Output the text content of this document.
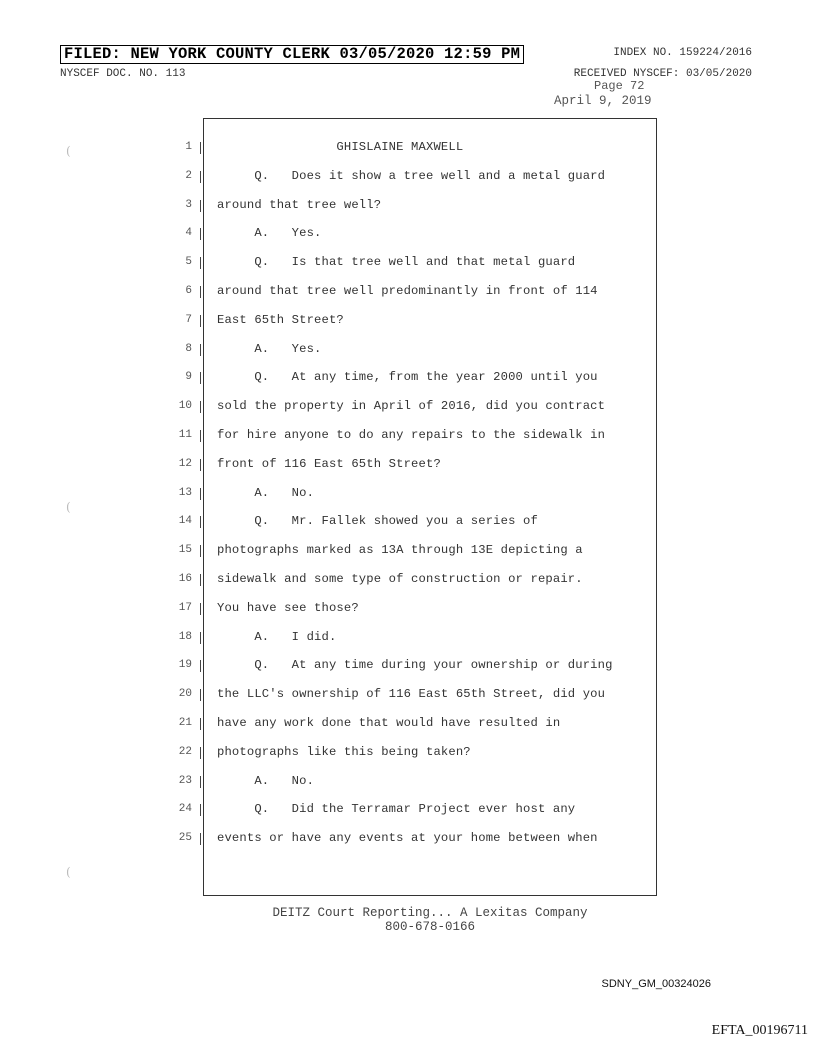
FILED: NEW YORK COUNTY CLERK 03/05/2020 12:59 PM	INDEX NO. 159224/2016
NYSCEF DOC. NO. 113	RECEIVED NYSCEF: 03/05/2020
Page 72
April 9, 2019
1 GHISLAINE MAXWELL
2 Q.   Does it show a tree well and a metal guard
3 around that tree well?
4 A.   Yes.
5 Q.   Is that tree well and that metal guard
6 around that tree well predominantly in front of 114
7 East 65th Street?
8 A.   Yes.
9 Q.   At any time, from the year 2000 until you
10 sold the property in April of 2016, did you contract
11 for hire anyone to do any repairs to the sidewalk in
12 front of 116 East 65th Street?
13 A.   No.
14 Q.   Mr. Fallek showed you a series of
15 photographs marked as 13A through 13E depicting a
16 sidewalk and some type of construction or repair.
17 You have see those?
18 A.   I did.
19 Q.   At any time during your ownership or during
20 the LLC's ownership of 116 East 65th Street, did you
21 have any work done that would have resulted in
22 photographs like this being taken?
23 A.   No.
24 Q.   Did the Terramar Project ever host any
25 events or have any events at your home between when
(
(
(
DEITZ Court Reporting... A Lexitas Company
800-678-0166
SDNY_GM_00324026
EFTA_00196711
